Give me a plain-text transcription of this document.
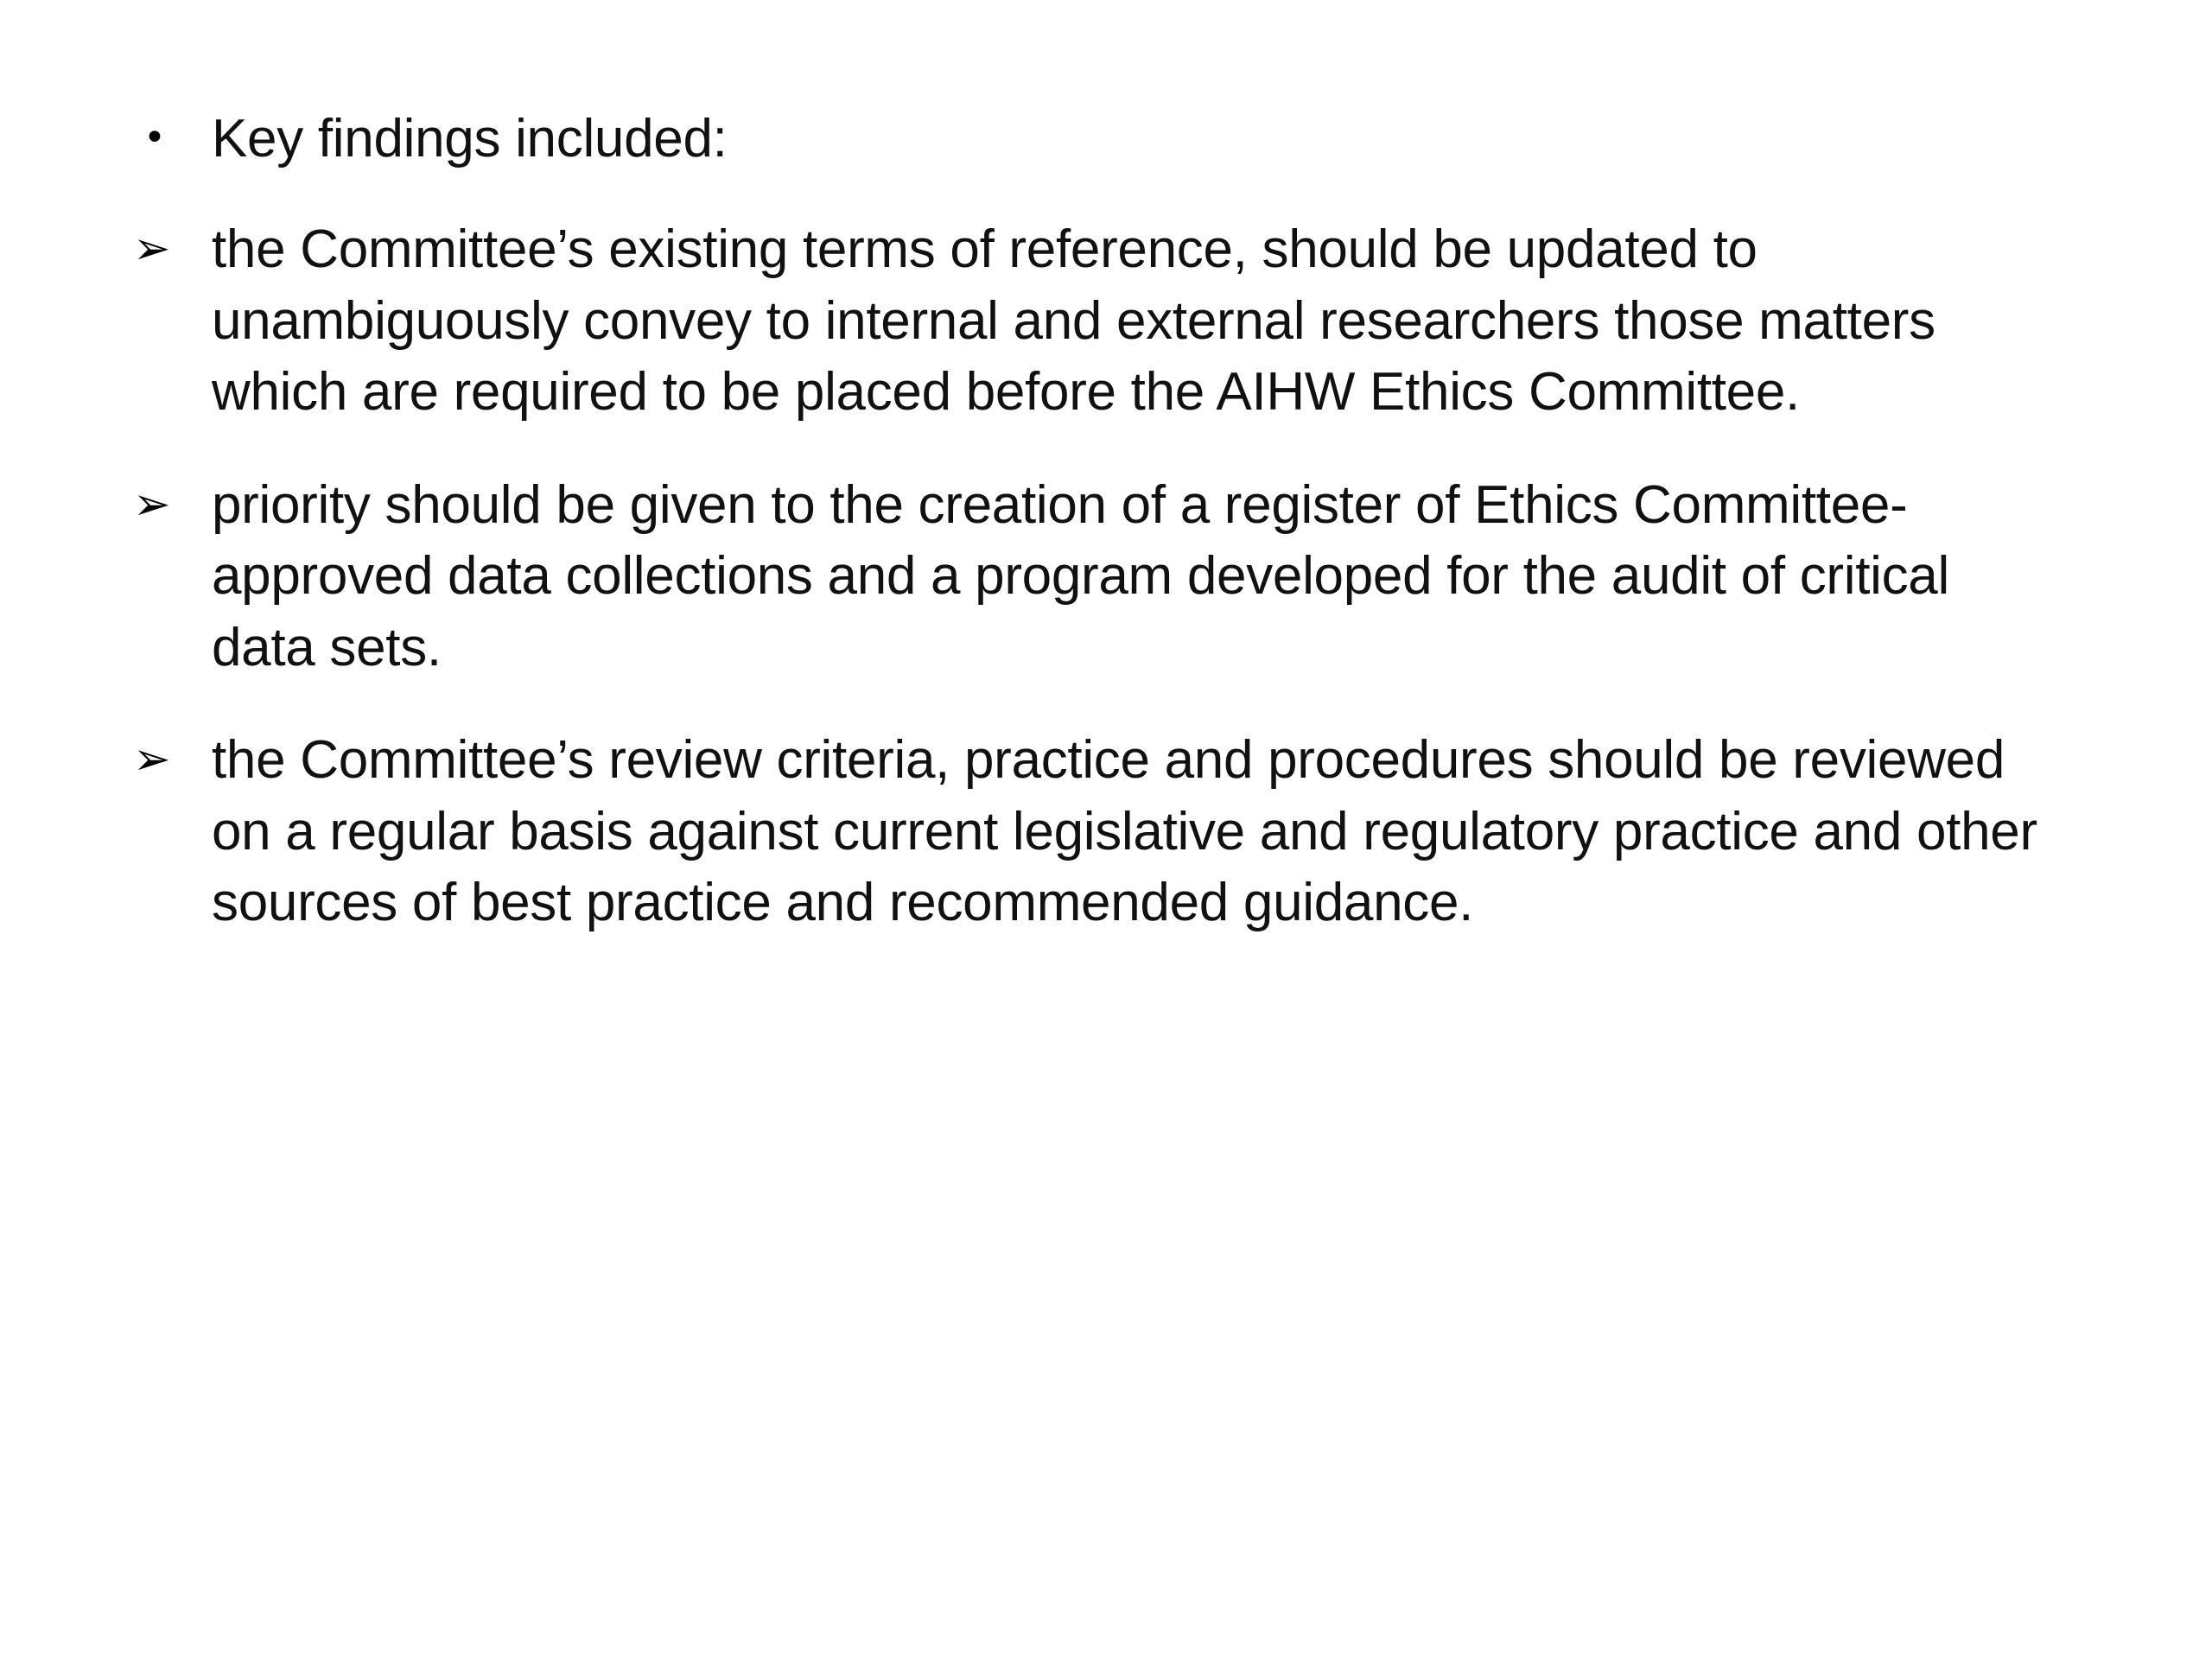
• Key findings included:
➢ the Committee’s existing terms of reference, should be updated to unambiguously convey to internal and external researchers those matters which are required to be placed before the AIHW Ethics Committee.
➢ priority should be given to the creation of a register of Ethics Committee-approved data collections and a program developed for the audit of critical data sets.
➢ the Committee’s review criteria, practice and procedures should be reviewed on a regular basis against current legislative and regulatory practice and other sources of best practice and recommended guidance.
